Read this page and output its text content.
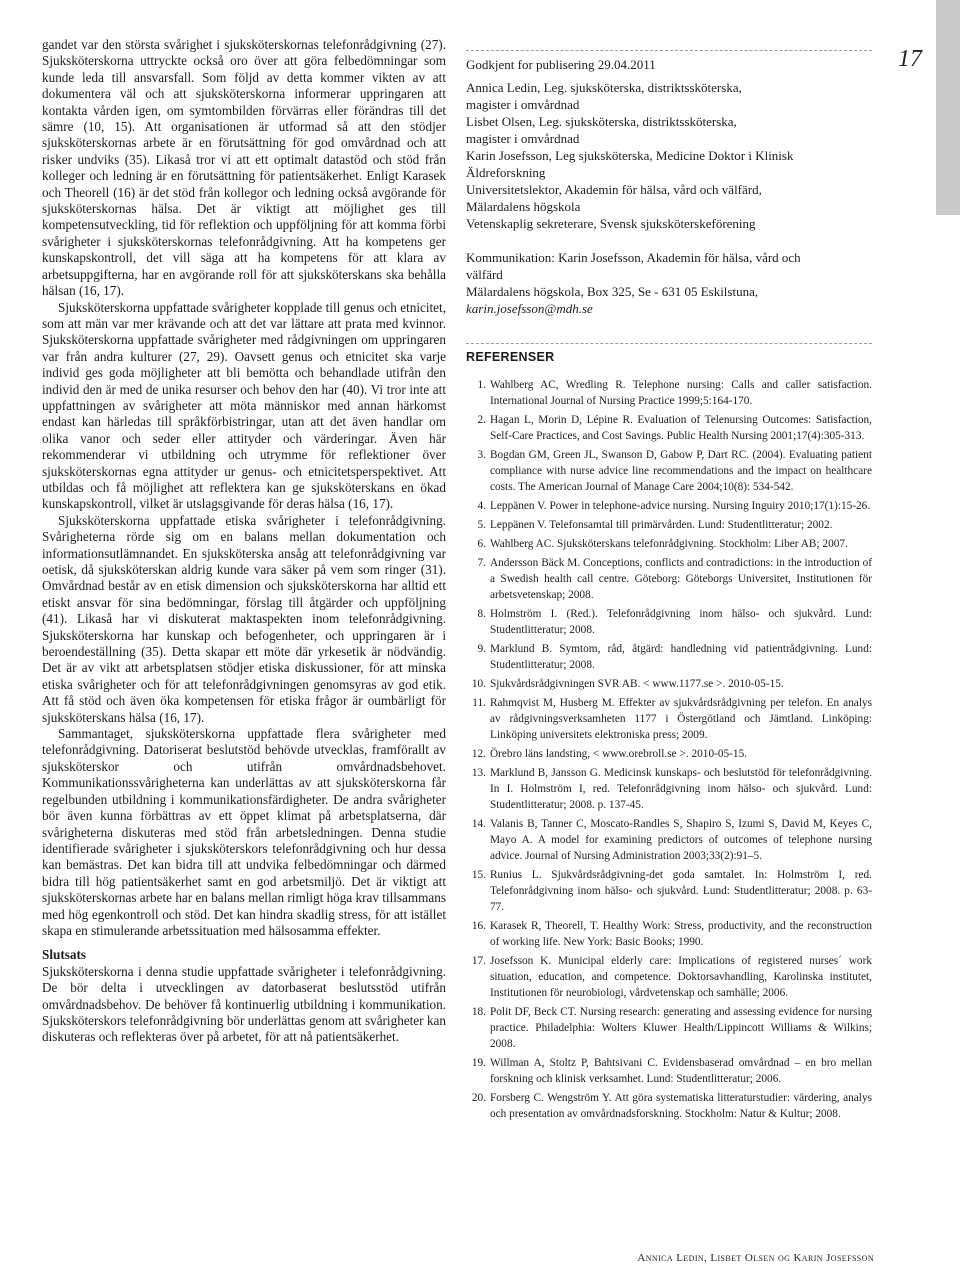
17

gandet var den största svårighet i sjuksköterskornas telefonrådgivning (27). Sjuksköterskorna uttryckte också oro över att göra felbedömningar som kunde leda till ansvarsfall. Som följd av detta kommer vikten av att dokumentera väl och att sjuksköterskorna informerar uppringaren att kontakta vården igen, om symtombilden förvärras eller förändras till det sämre (10, 15). Att organisationen är utformad så att den stödjer sjuksköterskornas arbete är en förutsättning för god omvårdnad och att risker undviks (35). Likaså tror vi att ett optimalt datastöd och stöd från kolleger och ledning är en förutsättning för patientsäkerhet. Enligt Karasek och Theorell (16) är det stöd från kollegor och ledning också avgörande för sjuksköterskornas hälsa. Det är viktigt att möjlighet ges till kompetensutveckling, tid för reflektion och uppföljning för att komma förbi svårigheter i sjuksköterskornas telefonrådgivning. Att ha kompetens ger kunskapskontroll, det vill säga att ha kompetens för att klara av arbetsuppgifterna, har en avgörande roll för att sjuksköterskans ska behålla hälsan (16, 17).

Sjuksköterskorna uppfattade svårigheter kopplade till genus och etnicitet, som att män var mer krävande och att det var lättare att prata med kvinnor. Sjuksköterskorna uppfattade svårigheter med rådgivningen om uppringaren var från andra kulturer (27, 29). Oavsett genus och etnicitet ska varje individ ges goda möjligheter att bli bemötta och behandlade utifrån den individ den är med de unika resurser och behov den har (40). Vi tror inte att uppfattningen av svårigheter att möta människor med annan härkomst endast kan härledas till språkförbistringar, utan att det även handlar om olika vanor och seder eller attityder och värderingar. Även här rekommenderar vi utbildning och utrymme för reflektioner över sjuksköterskornas egna attityder ur genus- och etnicitetsperspektivet. Att utbildas och få möjlighet att reflektera kan ge sjuksköterskans en ökad kunskapskontroll, vilket är utslagsgivande för deras hälsa (16, 17).

Sjuksköterskorna uppfattade etiska svårigheter i telefonrådgivning. Svårigheterna rörde sig om en balans mellan dokumentation och informationsutlämnandet. En sjuksköterska ansåg att telefonrådgivning var oetisk, då sjuksköterskan aldrig kunde vara säker på vem som ringer (31). Omvårdnad består av en etisk dimension och sjuksköterskorna har alltid ett etiskt ansvar för sina bedömningar, förslag till åtgärder och uppföljning (41). Likaså har vi diskuterat maktaspekten inom telefonrådgivning. Sjuksköterskorna har kunskap och befogenheter, och uppringaren är i beroendeställning (35). Detta skapar ett möte där yrkesetik är nödvändig. Det är av vikt att arbetsplatsen stödjer etiska diskussioner, för att minska etiska svårigheter och för att telefonrådgivningen genomsyras av god etik. Att få stöd och även öka kompetensen för etiska frågor är oumbärligt för sjuksköterskans hälsa (16, 17).

Sammantaget, sjuksköterskorna uppfattade flera svårigheter med telefonrådgivning. Datoriserat beslutstöd behövde utvecklas, framförallt av sjuksköterskor och utifrån omvårdnadsbehovet. Kommunikationssvårigheterna kan underlättas av att sjuksköterskorna får regelbunden utbildning i kommunikationsfärdigheter. De andra svårigheter bör även kunna förbättras av ett öppet klimat på arbetsplatserna, där svårigheterna diskuteras med stöd från arbetsledningen. Denna studie identifierade svårigheter i sjuksköterskors telefonrådgivning och hur dessa kan bemästras. Det kan bidra till att undvika felbedömningar och därmed bidra till hög patientsäkerhet samt en god arbetsmiljö. Det är viktigt att sjuksköterskornas arbete har en balans mellan rimligt höga krav tillsammans med hög egenkontroll och stöd. Det kan hindra skadlig stress, för att istället skapa en stimulerande arbetssituation med hälsosamma effekter.

Slutsats

Sjuksköterskorna i denna studie uppfattade svårigheter i telefonrådgivning. De bör delta i utvecklingen av datorbaserat beslutsstöd utifrån omvårdnadsbehov. De behöver få kontinuerlig utbildning i kommunikation. Sjuksköterskors telefonrådgivning bör underlättas genom att svårigheter kan diskuteras och reflekteras över på arbetet, för att nå patientsäkerhet.

Godkjent for publisering 29.04.2011
Annica Ledin, Leg. sjuksköterska, distriktssköterska,
magister i omvårdnad
Lisbet Olsen, Leg. sjuksköterska, distriktssköterska,
magister i omvårdnad
Karin Josefsson, Leg sjuksköterska, Medicine Doktor i Klinisk
Äldreforskning
Universitetslektor, Akademin för hälsa, vård och välfärd,
Mälardalens högskola
Vetenskaplig sekreterare, Svensk sjuksköterskeförening
Kommunikation: Karin Josefsson, Akademin för hälsa, vård och
välfärd
Mälardalens högskola, Box 325, Se - 631 05 Eskilstuna,
karin.josefsson@mdh.se
REFERENSER
1. Wahlberg AC, Wredling R. Telephone nursing: Calls and caller satisfaction. International Journal of Nursing Practice 1999;5:164-170.
2. Hagan L, Morin D, Lépine R. Evaluation of Telenursing Outcomes: Satisfaction, Self-Care Practices, and Cost Savings. Public Health Nursing 2001;17(4):305-313.
3. Bogdan GM, Green JL, Swanson D, Gabow P, Dart RC. (2004). Evaluating patient compliance with nurse advice line recommendations and the impact on healthcare costs. The American Journal of Manage Care 2004;10(8): 534-542.
4. Leppänen V. Power in telephone-advice nursing. Nursing Inguiry 2010;17(1):15-26.
5. Leppänen V. Telefonsamtal till primärvården. Lund: Studentlitteratur; 2002.
6. Wahlberg AC. Sjuksköterskans telefonrådgivning. Stockholm: Liber AB; 2007.
7. Andersson Bäck M. Conceptions, conflicts and contradictions: in the introduction of a Swedish health call centre. Göteborg: Göteborgs Universitet, Institutionen för arbetsvetenskap; 2008.
8. Holmström I. (Red.). Telefonrådgivning inom hälso- och sjukvård. Lund: Studentlitteratur; 2008.
9. Marklund B. Symtom, råd, åtgärd: handledning vid patientrådgivning. Lund: Studentlitteratur; 2008.
10. Sjukvårdsrådgivningen SVR AB. < www.1177.se >. 2010-05-15.
11. Rahmqvist M, Husberg M. Effekter av sjukvårdsrådgivning per telefon. En analys av rådgivningsverksamheten 1177 i Östergötland och Jämtland. Linköping: Linköping universitets elektroniska press; 2009.
12. Örebro läns landsting, < www.orebroll.se >. 2010-05-15.
13. Marklund B, Jansson G. Medicinsk kunskaps- och beslutstöd för telefonrådgivning. In I. Holmström I, red. Telefonrådgivning inom hälso- och sjukvård. Lund: Studentlitteratur; 2008. p. 137-45.
14. Valanis B, Tanner C, Moscato-Randles S, Shapiro S, Izumi S, David M, Keyes C, Mayo A. A model for examining predictors of outcomes of telephone nursing advice. Journal of Nursing Administration 2003;33(2):91–5.
15. Runius L. Sjukvårdsrådgivning-det goda samtalet. In: Holmström I, red. Telefonrådgivning inom hälso- och sjukvård. Lund: Studentlitteratur; 2008. p. 63-77.
16. Karasek R, Theorell, T. Healthy Work: Stress, productivity, and the reconstruction of working life. New York: Basic Books; 1990.
17. Josefsson K. Municipal elderly care: Implications of registered nurses´ work situation, education, and competence. Doktorsavhandling, Karolinska institutet, Institutionen för neurobiologi, vårdvetenskap och samhälle; 2006.
18. Polit DF, Beck CT. Nursing research: generating and assessing evidence for nursing practice. Philadelphia: Wolters Kluwer Health/Lippincott Williams & Wilkins; 2008.
19. Willman A, Stoltz P, Bahtsivani C. Evidensbaserad omvårdnad – en bro mellan forskning och klinisk verksamhet. Lund: Studentlitteratur; 2006.
20. Forsberg C. Wengström Y. Att göra systematiska litteraturstudier: värdering, analys och presentation av omvårdnadsforskning. Stockholm: Natur & Kultur; 2008.
Annica Ledin, Lisbet Olsen og Karin Josefsson
